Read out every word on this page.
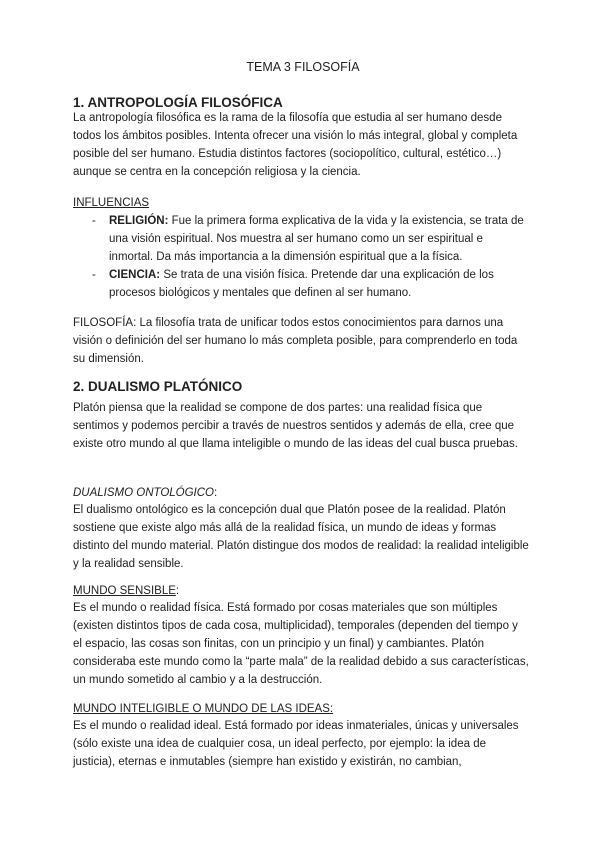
TEMA 3 FILOSOFÍA
1. ANTROPOLOGÍA FILOSÓFICA

La antropología filosófica es la rama de la filosofía que estudia al ser humano desde todos los ámbitos posibles. Intenta ofrecer una visión lo más integral, global y completa posible del ser humano. Estudia distintos factores (sociopolítico, cultural, estético…) aunque se centra en la concepción religiosa y la ciencia.

INFLUENCIAS

- RELIGIÓN: Fue la primera forma explicativa de la vida y la existencia, se trata de una visión espiritual. Nos muestra al ser humano como un ser espiritual e inmortal. Da más importancia a la dimensión espiritual que a la física.
- CIENCIA: Se trata de una visión física. Pretende dar una explicación de los procesos biológicos y mentales que definen al ser humano.

FILOSOFÍA: La filosofía trata de unificar todos estos conocimientos para darnos una visión o definición del ser humano lo más completa posible, para comprenderlo en toda su dimensión.

2. DUALISMO PLATÓNICO

Platón piensa que la realidad se compone de dos partes: una realidad física que sentimos y podemos percibir a través de nuestros sentidos y además de ella, cree que existe otro mundo al que llama inteligible o mundo de las ideas del cual busca pruebas.

DUALISMO ONTOLÓGICO:

El dualismo ontológico es la concepción dual que Platón posee de la realidad. Platón sostiene que existe algo más allá de la realidad física, un mundo de ideas y formas distinto del mundo material. Platón distingue dos modos de realidad: la realidad inteligible y la realidad sensible.

MUNDO SENSIBLE:

Es el mundo o realidad física. Está formado por cosas materiales que son múltiples (existen distintos tipos de cada cosa, multiplicidad), temporales (dependen del tiempo y el espacio, las cosas son finitas, con un principio y un final) y cambiantes. Platón consideraba este mundo como la “parte mala” de la realidad debido a sus características, un mundo sometido al cambio y a la destrucción.

MUNDO INTELIGIBLE O MUNDO DE LAS IDEAS:

Es el mundo o realidad ideal. Está formado por ideas inmateriales, únicas y universales (sólo existe una idea de cualquier cosa, un ideal perfecto, por ejemplo: la idea de justicia), eternas e inmutables (siempre han existido y existirán, no cambian,
